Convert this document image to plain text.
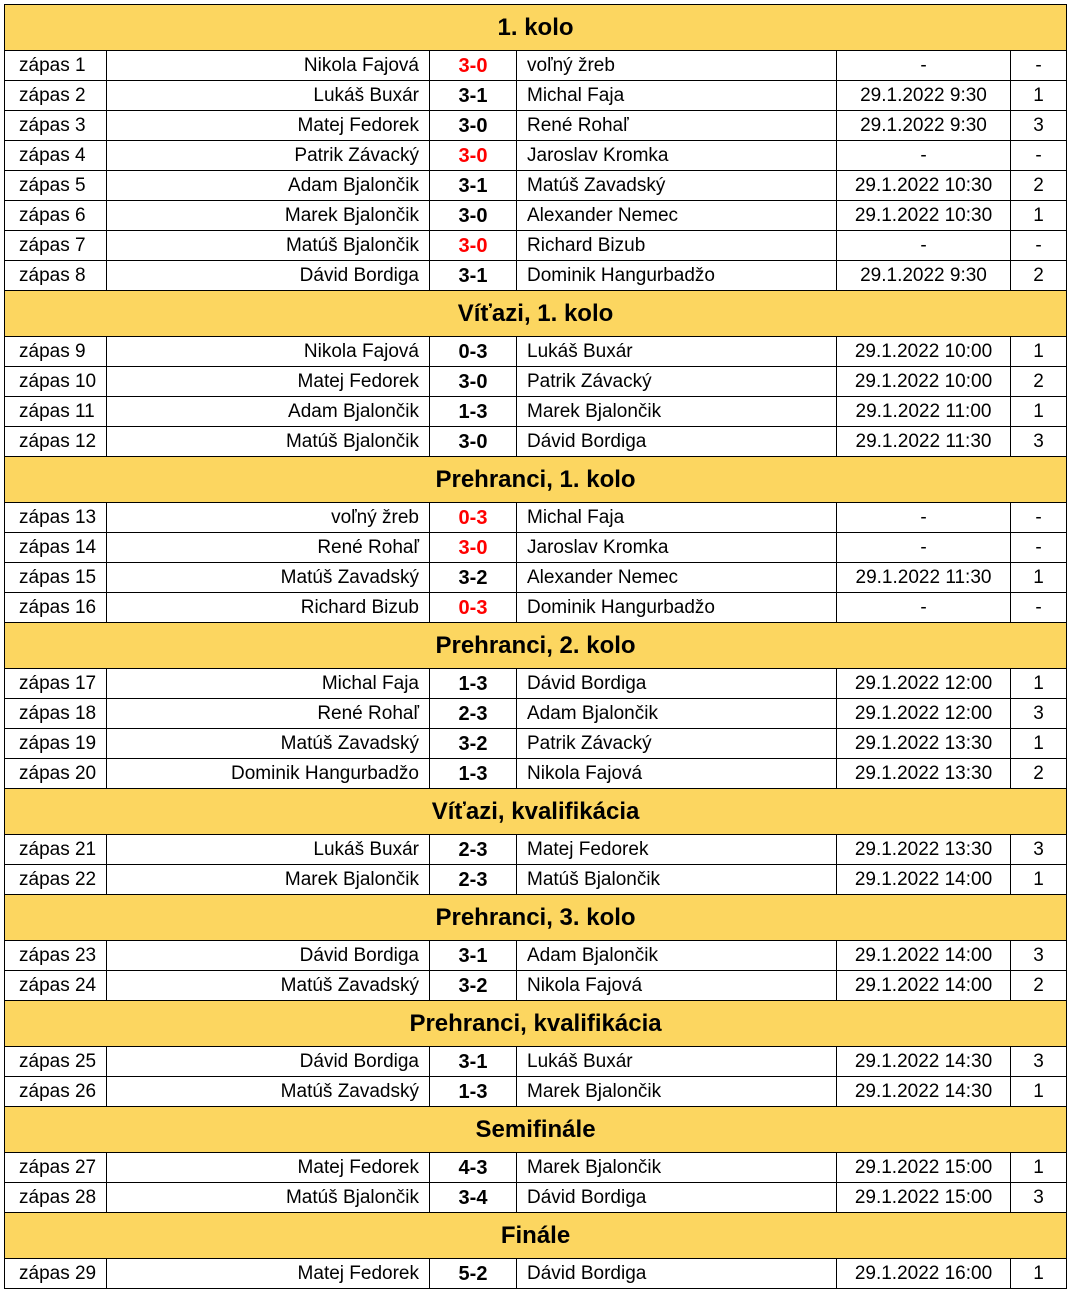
1. kolo					
zápas 1	Nikola Fajová	3-0	voľný žreb	-	-
zápas 2	Lukáš Buxár	3-1	Michal Faja	29.1.2022 9:30	1
zápas 3	Matej Fedorek	3-0	René Rohaľ	29.1.2022 9:30	3
zápas 4	Patrik Závacký	3-0	Jaroslav Kromka	-	-
zápas 5	Adam Bjalončik	3-1	Matúš Zavadský	29.1.2022 10:30	2
zápas 6	Marek Bjalončik	3-0	Alexander Nemec	29.1.2022 10:30	1
zápas 7	Matúš Bjalončik	3-0	Richard Bizub	-	-
zápas 8	Dávid Bordiga	3-1	Dominik Hangurbadžo	29.1.2022 9:30	2
Víťazi, 1. kolo					
zápas 9	Nikola Fajová	0-3	Lukáš Buxár	29.1.2022 10:00	1
zápas 10	Matej Fedorek	3-0	Patrik Závacký	29.1.2022 10:00	2
zápas 11	Adam Bjalončik	1-3	Marek Bjalončik	29.1.2022 11:00	1
zápas 12	Matúš Bjalončik	3-0	Dávid Bordiga	29.1.2022 11:30	3
Prehranci, 1. kolo					
zápas 13	voľný žreb	0-3	Michal Faja	-	-
zápas 14	René Rohaľ	3-0	Jaroslav Kromka	-	-
zápas 15	Matúš Zavadský	3-2	Alexander Nemec	29.1.2022 11:30	1
zápas 16	Richard Bizub	0-3	Dominik Hangurbadžo	-	-
Prehranci, 2. kolo					
zápas 17	Michal Faja	1-3	Dávid Bordiga	29.1.2022 12:00	1
zápas 18	René Rohaľ	2-3	Adam Bjalončik	29.1.2022 12:00	3
zápas 19	Matúš Zavadský	3-2	Patrik Závacký	29.1.2022 13:30	1
zápas 20	Dominik Hangurbadžo	1-3	Nikola Fajová	29.1.2022 13:30	2
Víťazi, kvalifikácia					
zápas 21	Lukáš Buxár	2-3	Matej Fedorek	29.1.2022 13:30	3
zápas 22	Marek Bjalončik	2-3	Matúš Bjalončik	29.1.2022 14:00	1
Prehranci, 3. kolo					
zápas 23	Dávid Bordiga	3-1	Adam Bjalončik	29.1.2022 14:00	3
zápas 24	Matúš Zavadský	3-2	Nikola Fajová	29.1.2022 14:00	2
Prehranci, kvalifikácia					
zápas 25	Dávid Bordiga	3-1	Lukáš Buxár	29.1.2022 14:30	3
zápas 26	Matúš Zavadský	1-3	Marek Bjalončik	29.1.2022 14:30	1
Semifinále					
zápas 27	Matej Fedorek	4-3	Marek Bjalončik	29.1.2022 15:00	1
zápas 28	Matúš Bjalončik	3-4	Dávid Bordiga	29.1.2022 15:00	3
Finále					
zápas 29	Matej Fedorek	5-2	Dávid Bordiga	29.1.2022 16:00	1
